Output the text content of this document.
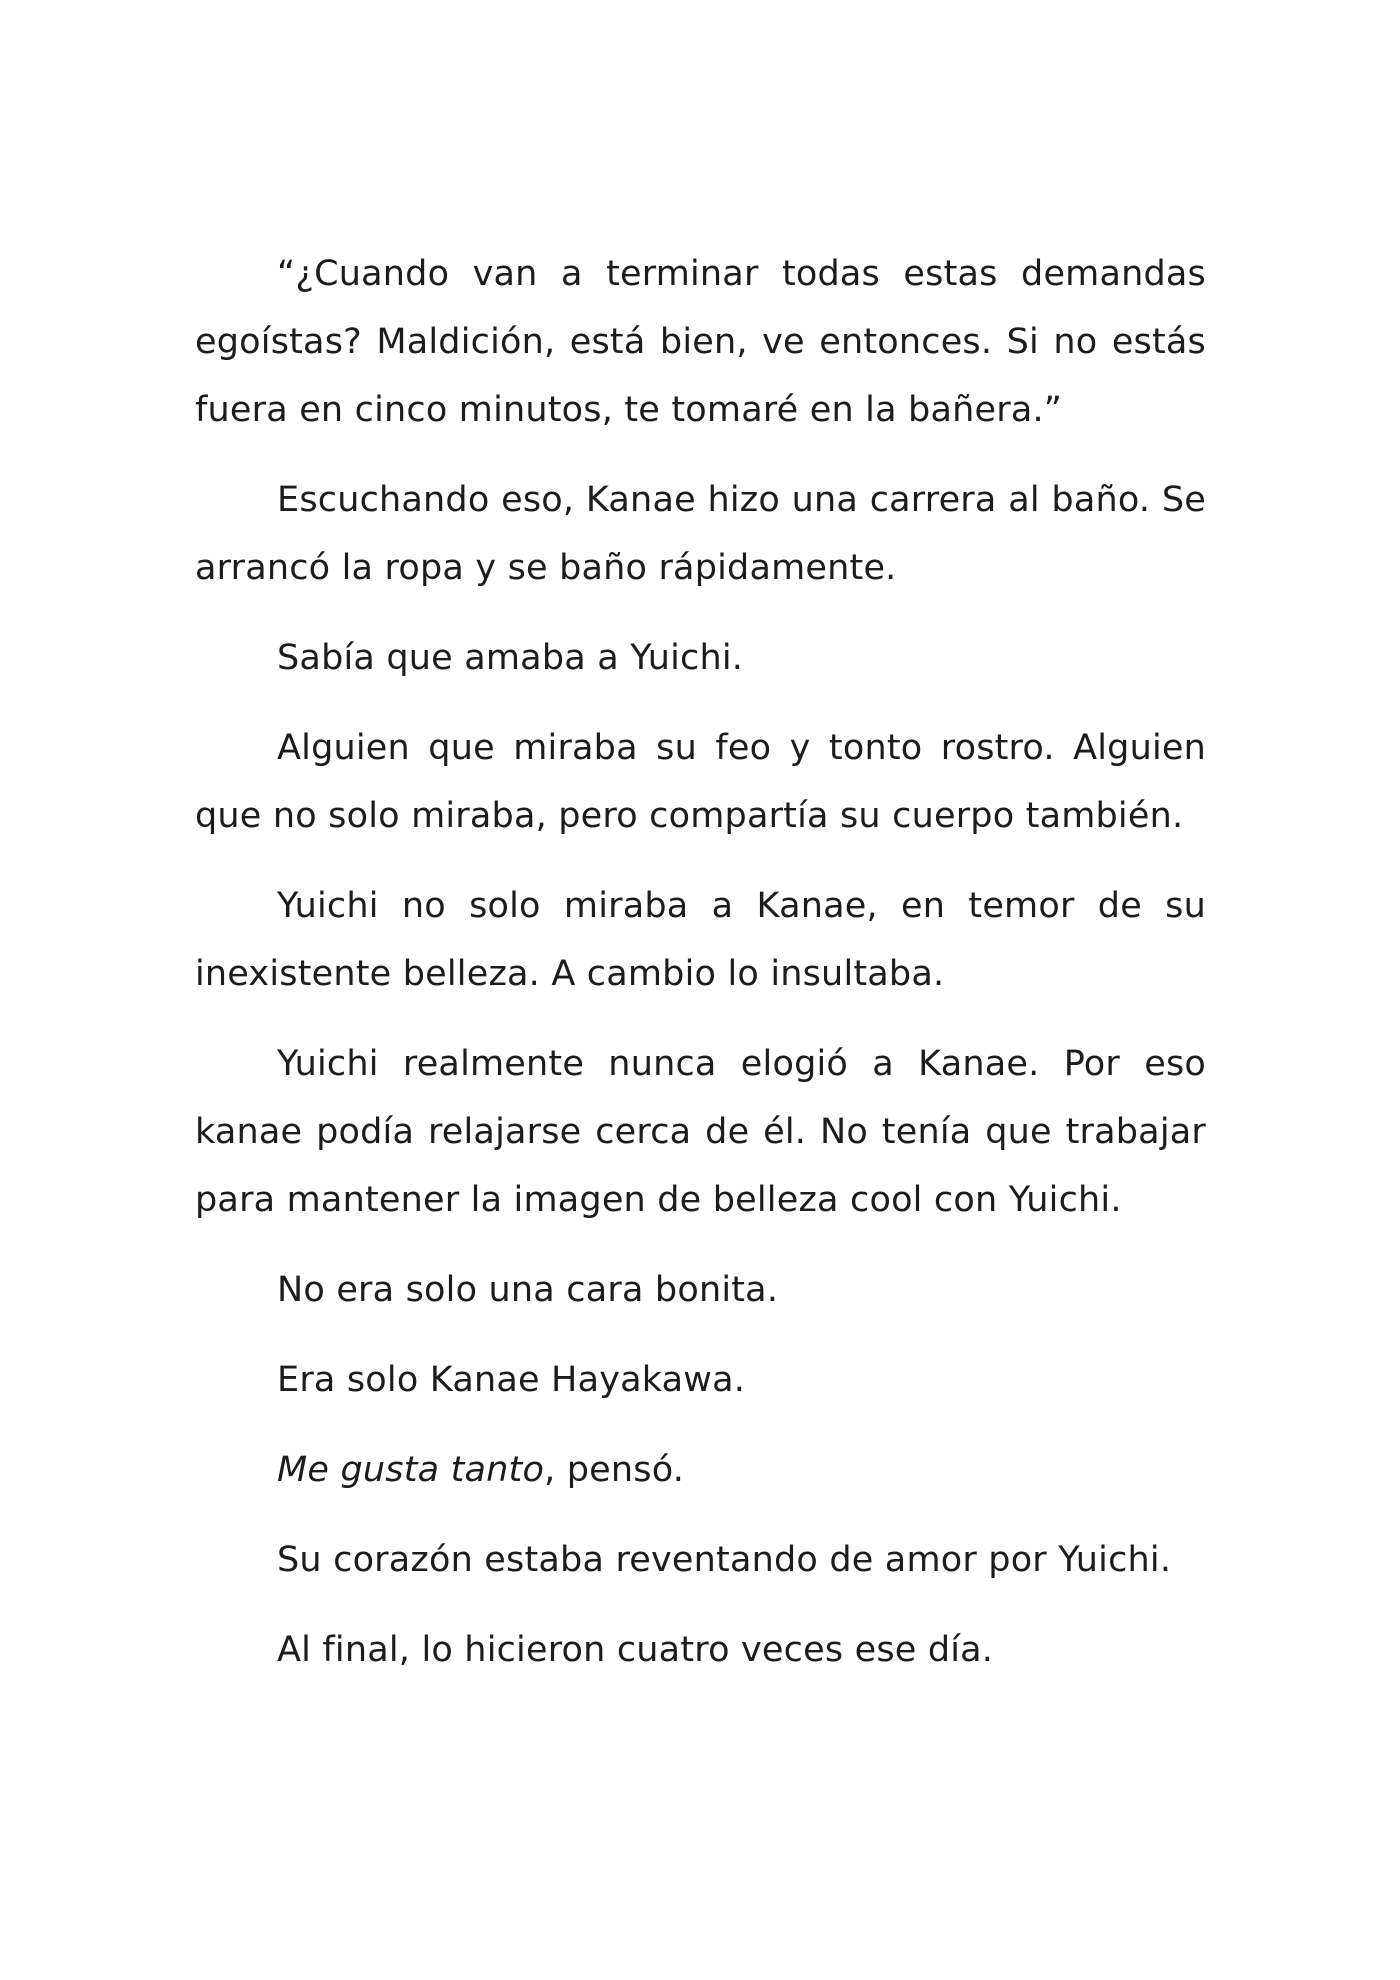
“¿Cuando van a terminar todas estas demandas egoístas? Maldición, está bien, ve entonces. Si no estás fuera en cinco minutos, te tomaré en la bañera.”

Escuchando eso, Kanae hizo una carrera al baño. Se arrancó la ropa y se baño rápidamente.

Sabía que amaba a Yuichi.

Alguien que miraba su feo y tonto rostro. Alguien que no solo miraba, pero compartía su cuerpo también.

Yuichi no solo miraba a Kanae, en temor de su inexistente belleza. A cambio lo insultaba.

Yuichi realmente nunca elogió a Kanae. Por eso kanae podía relajarse cerca de él. No tenía que trabajar para mantener la imagen de belleza cool con Yuichi.

No era solo una cara bonita.

Era solo Kanae Hayakawa.

Me gusta tanto, pensó.

Su corazón estaba reventando de amor por Yuichi.

Al final, lo hicieron cuatro veces ese día.
